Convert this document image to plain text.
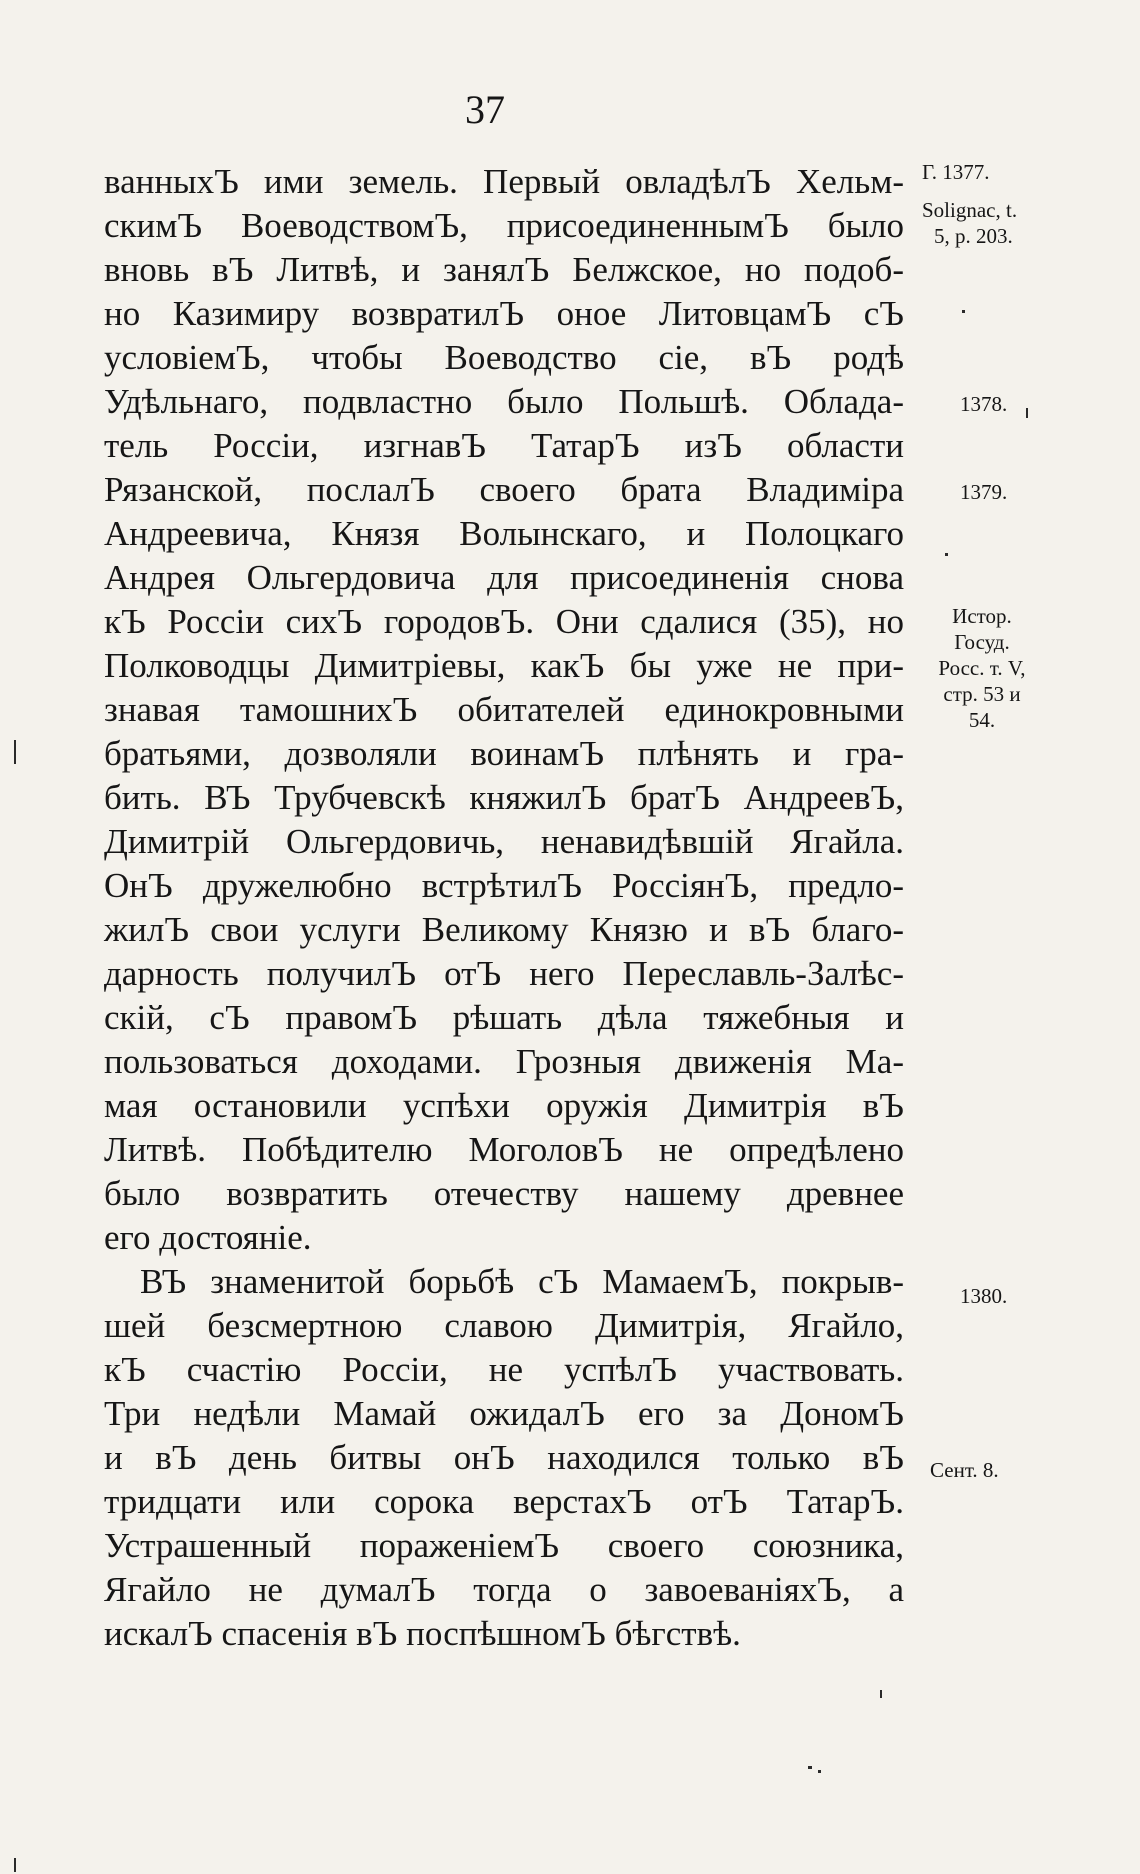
37
ванныхЪ ими земель. Первый овладѣлЪ Хельм-
скимЪ ВоеводствомЪ, присоединеннымЪ было
вновь вЪ Литвѣ, и занялЪ Белжское, но подоб-
но Казимиру возвратилЪ оное ЛитовцамЪ сЪ
условіемЪ, чтобы Воеводство сіе, вЪ родѣ
Удѣльнаго, подвластно было Польшѣ. Облада-
тель Россіи, изгнавЪ ТатарЪ изЪ области
Рязанской, послалЪ своего брата Владиміра
Андреевича, Князя Волынскаго, и Полоцкаго
Андрея Ольгердовича для присоединенія снова
кЪ Россіи сихЪ городовЪ. Они сдалися (35), но
Полководцы Димитріевы, какЪ бы уже не при-
знавая тамошнихЪ обитателей единокровными
братьями, дозволяли воинамЪ плѣнять и гра-
бить. ВЪ Трубчевскѣ княжилЪ братЪ АндреевЪ,
Димитрій Ольгердовичь, ненавидѣвшій Ягайла.
ОнЪ дружелюбно встрѣтилЪ РоссіянЪ, предло-
жилЪ свои услуги Великому Князю и вЪ благо-
дарность получилЪ отЪ него Переславль-Залѣс-
скій, сЪ правомЪ рѣшать дѣла тяжебныя и
пользоваться доходами. Грозныя движенія Ма-
мая остановили успѣхи оружія Димитрія вЪ
Литвѣ. Побѣдителю МоголовЪ не опредѣлено
было возвратить отечеству нашему древнее
его достояніе.
ВЪ знаменитой борьбѣ сЪ МамаемЪ, покрыв-
шей безсмертною славою Димитрія, Ягайло,
кЪ счастію Россіи, не успѣлЪ участвовать.
Три недѣли Мамай ожидалЪ его за ДономЪ
и вЪ день битвы онЪ находился только вЪ
тридцати или сорока верстахЪ отЪ ТатарЪ.
Устрашенный пораженіемЪ своего союзника,
Ягайло не думалЪ тогда о завоеваніяхЪ, а
искалЪ спасенія вЪ поспѣшномЪ бѣгствѣ.
Г. 1377.
Solignac, t.
5, p. 203.
1378.
1379.
Истор.
Госуд.
Росс. т. V,
стр. 53 и
54.
1380.
Сент. 8.
